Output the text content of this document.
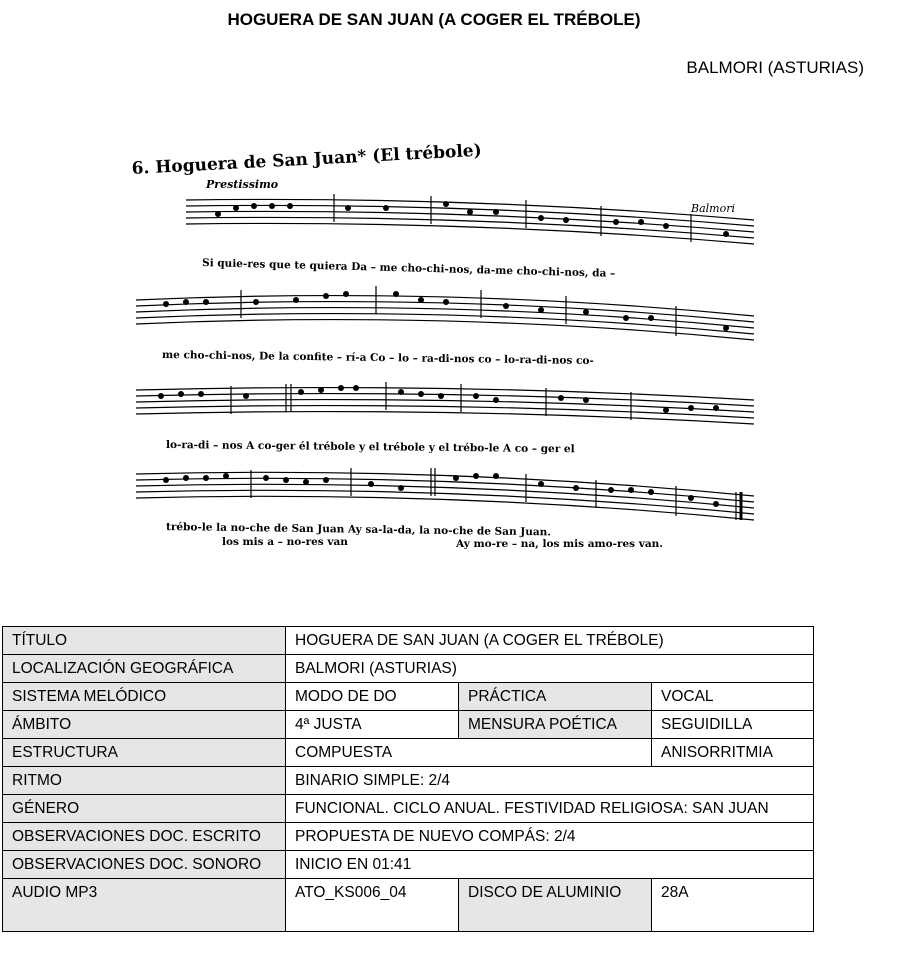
HOGUERA DE SAN JUAN (A COGER EL TRÉBOLE)
BALMORI (ASTURIAS)
6. Hoguera de San Juan* (El trébole)
Prestissimo
Balmori
Si quie-res que te quiera Da – me cho-chi-nos, da-me cho-chi-nos, da –
me cho-chi-nos, De la confite – rí-a Co – lo – ra-di-nos co – lo-ra-di-nos co-
lo-ra-di – nos A co-ger él trébole y el trébole y el trébo-le A co – ger el
trébo-le la no-che de San Juan Ay sa-la-da, la no-che de San Juan.
los mis a – no-res van	Ay mo-re – na, los mis amo-res van.
TÍTULO	HOGUERA DE SAN JUAN (A COGER EL TRÉBOLE)		
LOCALIZACIÓN GEOGRÁFICA	BALMORI (ASTURIAS)		
SISTEMA MELÓDICO	MODO DE DO	PRÁCTICA	VOCAL
ÁMBITO	4ª JUSTA	MENSURA POÉTICA	SEGUIDILLA
ESTRUCTURA	COMPUESTA		ANISORRITMIA
RITMO	BINARIO SIMPLE: 2/4		
GÉNERO	FUNCIONAL. CICLO ANUAL. FESTIVIDAD RELIGIOSA: SAN JUAN		
OBSERVACIONES DOC. ESCRITO	PROPUESTA DE NUEVO COMPÁS: 2/4		
OBSERVACIONES DOC. SONORO	INICIO EN 01:41		
AUDIO MP3	ATO_KS006_04	DISCO DE ALUMINIO	28A
